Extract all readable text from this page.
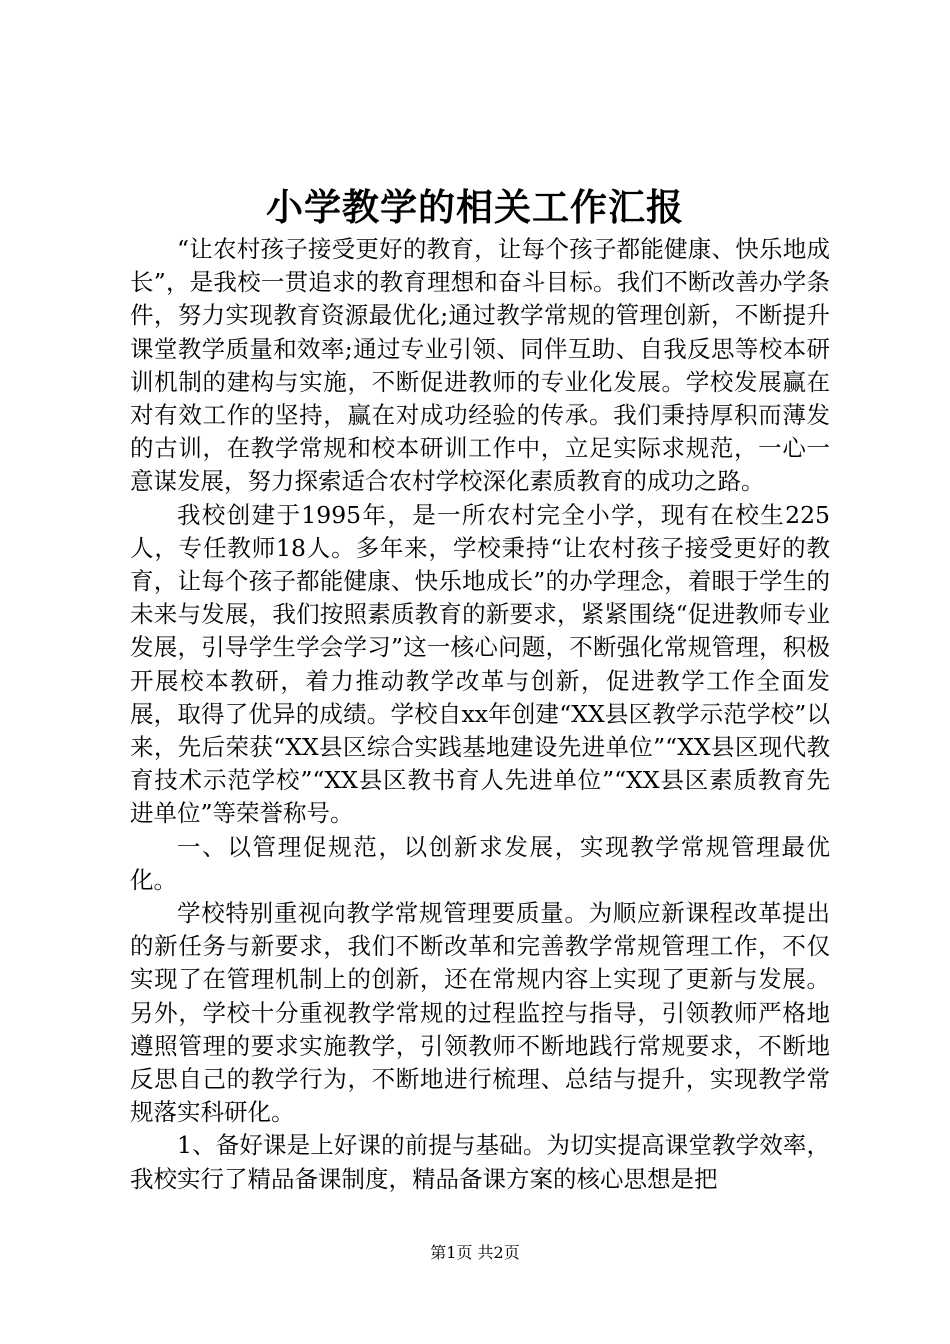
小学教学的相关工作汇报

“让农村孩子接受更好的教育，让每个孩子都能健康、快乐地成长”，是我校一贯追求的教育理想和奋斗目标。我们不断改善办学条件，努力实现教育资源最优化;通过教学常规的管理创新，不断提升课堂教学质量和效率;通过专业引领、同伴互助、自我反思等校本研训机制的建构与实施，不断促进教师的专业化发展。学校发展赢在对有效工作的坚持，赢在对成功经验的传承。我们秉持厚积而薄发的古训，在教学常规和校本研训工作中，立足实际求规范，一心一意谋发展，努力探索适合农村学校深化素质教育的成功之路。

我校创建于1995年，是一所农村完全小学，现有在校生225人，专任教师18人。多年来，学校秉持“让农村孩子接受更好的教育，让每个孩子都能健康、快乐地成长”的办学理念，着眼于学生的未来与发展，我们按照素质教育的新要求，紧紧围绕“促进教师专业发展，引导学生学会学习”这一核心问题，不断强化常规管理，积极开展校本教研，着力推动教学改革与创新，促进教学工作全面发展，取得了优异的成绩。学校自xx年创建“XX县区教学示范学校”以来，先后荣获“XX县区综合实践基地建设先进单位”“XX县区现代教育技术示范学校”“XX县区教书育人先进单位”“XX县区素质教育先进单位”等荣誉称号。

一、以管理促规范，以创新求发展，实现教学常规管理最优化。

学校特别重视向教学常规管理要质量。为顺应新课程改革提出的新任务与新要求，我们不断改革和完善教学常规管理工作，不仅实现了在管理机制上的创新，还在常规内容上实现了更新与发展。另外，学校十分重视教学常规的过程监控与指导，引领教师严格地遵照管理的要求实施教学，引领教师不断地践行常规要求，不断地反思自己的教学行为，不断地进行梳理、总结与提升，实现教学常规落实科研化。

1、备好课是上好课的前提与基础。为切实提高课堂教学效率，我校实行了精品备课制度，精品备课方案的核心思想是把

第1页 共2页
